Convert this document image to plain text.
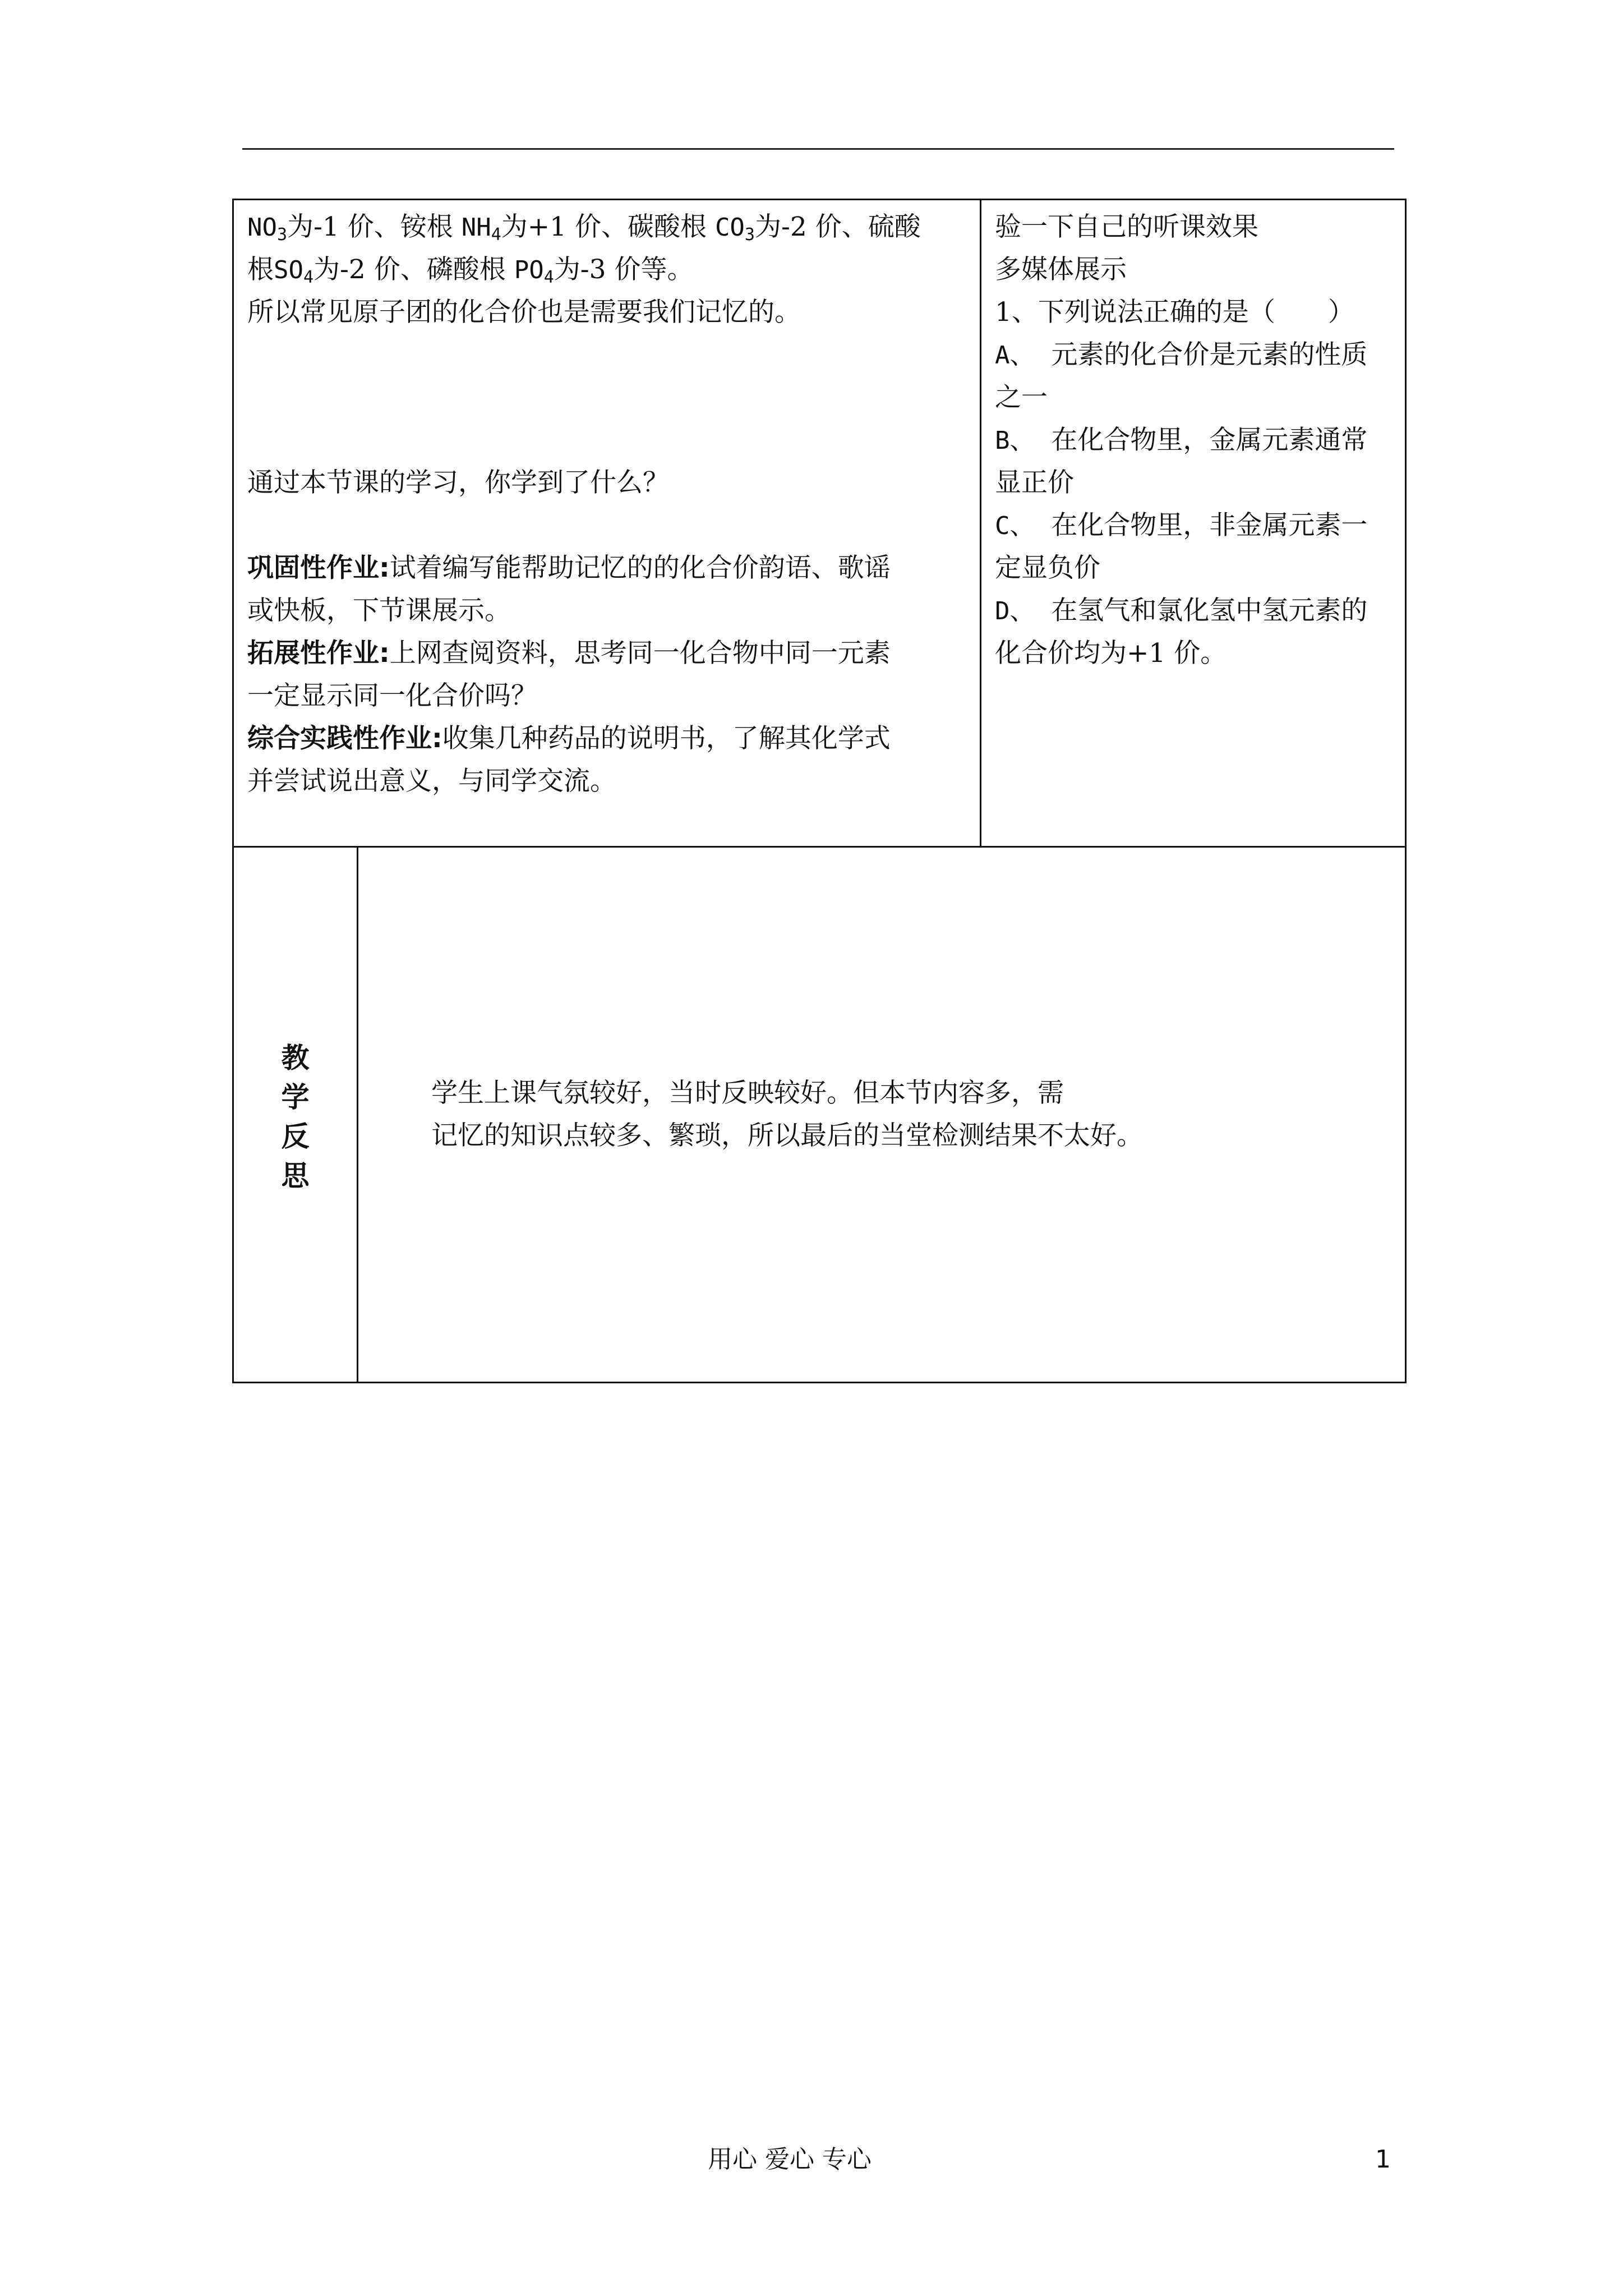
$NO_3$为-1 价、铵根 $NH_4$为+1 价、碳酸根 $CO_3$为-2 价、硫酸

根$SO_4$为-2 价、磷酸根 $PO_4$为-3 价等。

所以常见原子团的化合价也是需要我们记忆的。

通过本节课的学习，你学到了什么？

巩固性作业:试着编写能帮助记忆的的化合价韵语、歌谣

或快板，下节课展示。

拓展性作业:上网查阅资料，思考同一化合物中同一元素

一定显示同一化合价吗？

综合实践性作业:收集几种药品的说明书，了解其化学式

并尝试说出意义，与同学交流。

验一下自己的听课效果

多媒体展示

1、下列说法正确的是（　　）

A、 元素的化合价是元素的性质

之一

B、 在化合物里，金属元素通常

显正价

C、 在化合物里，非金属元素一

定显负价

D、 在氢气和氯化氢中氢元素的

化合价均为+1 价。

教
学
反
思

学生上课气氛较好，当时反映较好。但本节内容多，需

记忆的知识点较多、繁琐，所以最后的当堂检测结果不太好。

用心 爱心 专心	1
